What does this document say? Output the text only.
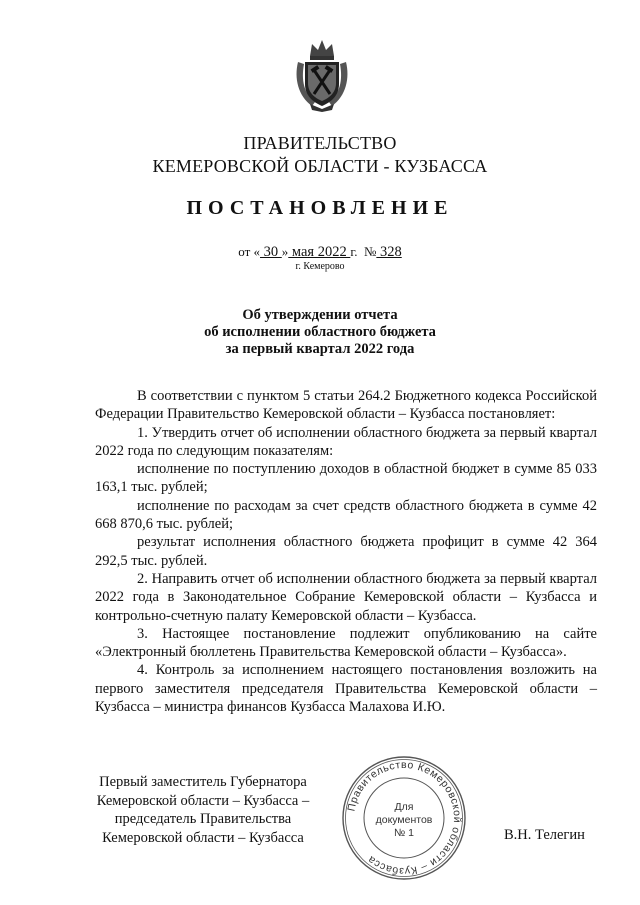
ПРАВИТЕЛЬСТВО
КЕМЕРОВСКОЙ ОБЛАСТИ - КУЗБАССА
ПОСТАНОВЛЕНИЕ
от « 30 » мая 2022 г. № 328
г. Кемерово
Об утверждении отчета
об исполнении областного бюджета
за первый квартал 2022 года

В соответствии с пунктом 5 статьи 264.2 Бюджетного кодекса Российской Федерации Правительство Кемеровской области – Кузбасса постановляет:

1. Утвердить отчет об исполнении областного бюджета за первый квартал 2022 года по следующим показателям:

исполнение по поступлению доходов в областной бюджет в сумме 85 033 163,1 тыс. рублей;

исполнение по расходам за счет средств областного бюджета в сумме 42 668 870,6 тыс. рублей;

результат исполнения областного бюджета профицит в сумме 42 364 292,5 тыс. рублей.

2. Направить отчет об исполнении областного бюджета за первый квартал 2022 года в Законодательное Собрание Кемеровской области – Кузбасса и контрольно-счетную палату Кемеровской области – Кузбасса.

3. Настоящее постановление подлежит опубликованию на сайте «Электронный бюллетень Правительства Кемеровской области – Кузбасса».

4. Контроль за исполнением настоящего постановления возложить на первого заместителя председателя Правительства Кемеровской области – Кузбасса – министра финансов Кузбасса Малахова И.Ю.

Первый заместитель Губернатора
Кемеровской области – Кузбасса –
председатель Правительства
Кемеровской области – Кузбасса
Правительство Кемеровской области – Кузбасса
Для
документов
№ 1	В.Н. Телегин
